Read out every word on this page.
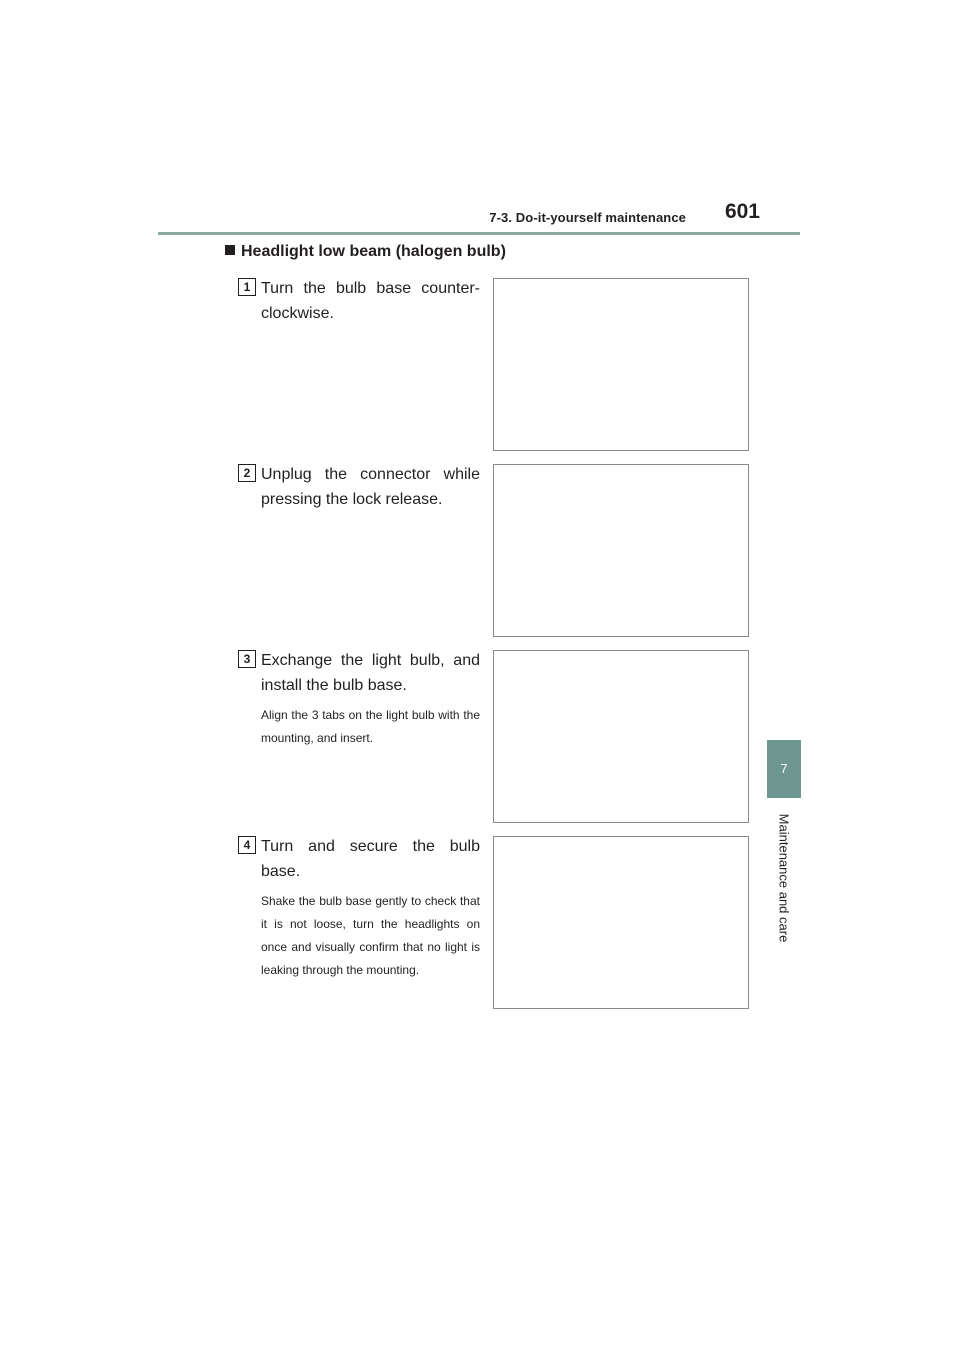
7-3. Do-it-yourself maintenance 601
7
Maintenance and care
Headlight low beam (halogen bulb)
1 Turn the bulb base counter-clockwise.
2 Unplug the connector while pressing the lock release.
3 Exchange the light bulb, and install the bulb base.
Align the 3 tabs on the light bulb with the mounting, and insert.
4 Turn and secure the bulb base.
Shake the bulb base gently to check that it is not loose, turn the headlights on once and visually confirm that no light is leaking through the mounting.
